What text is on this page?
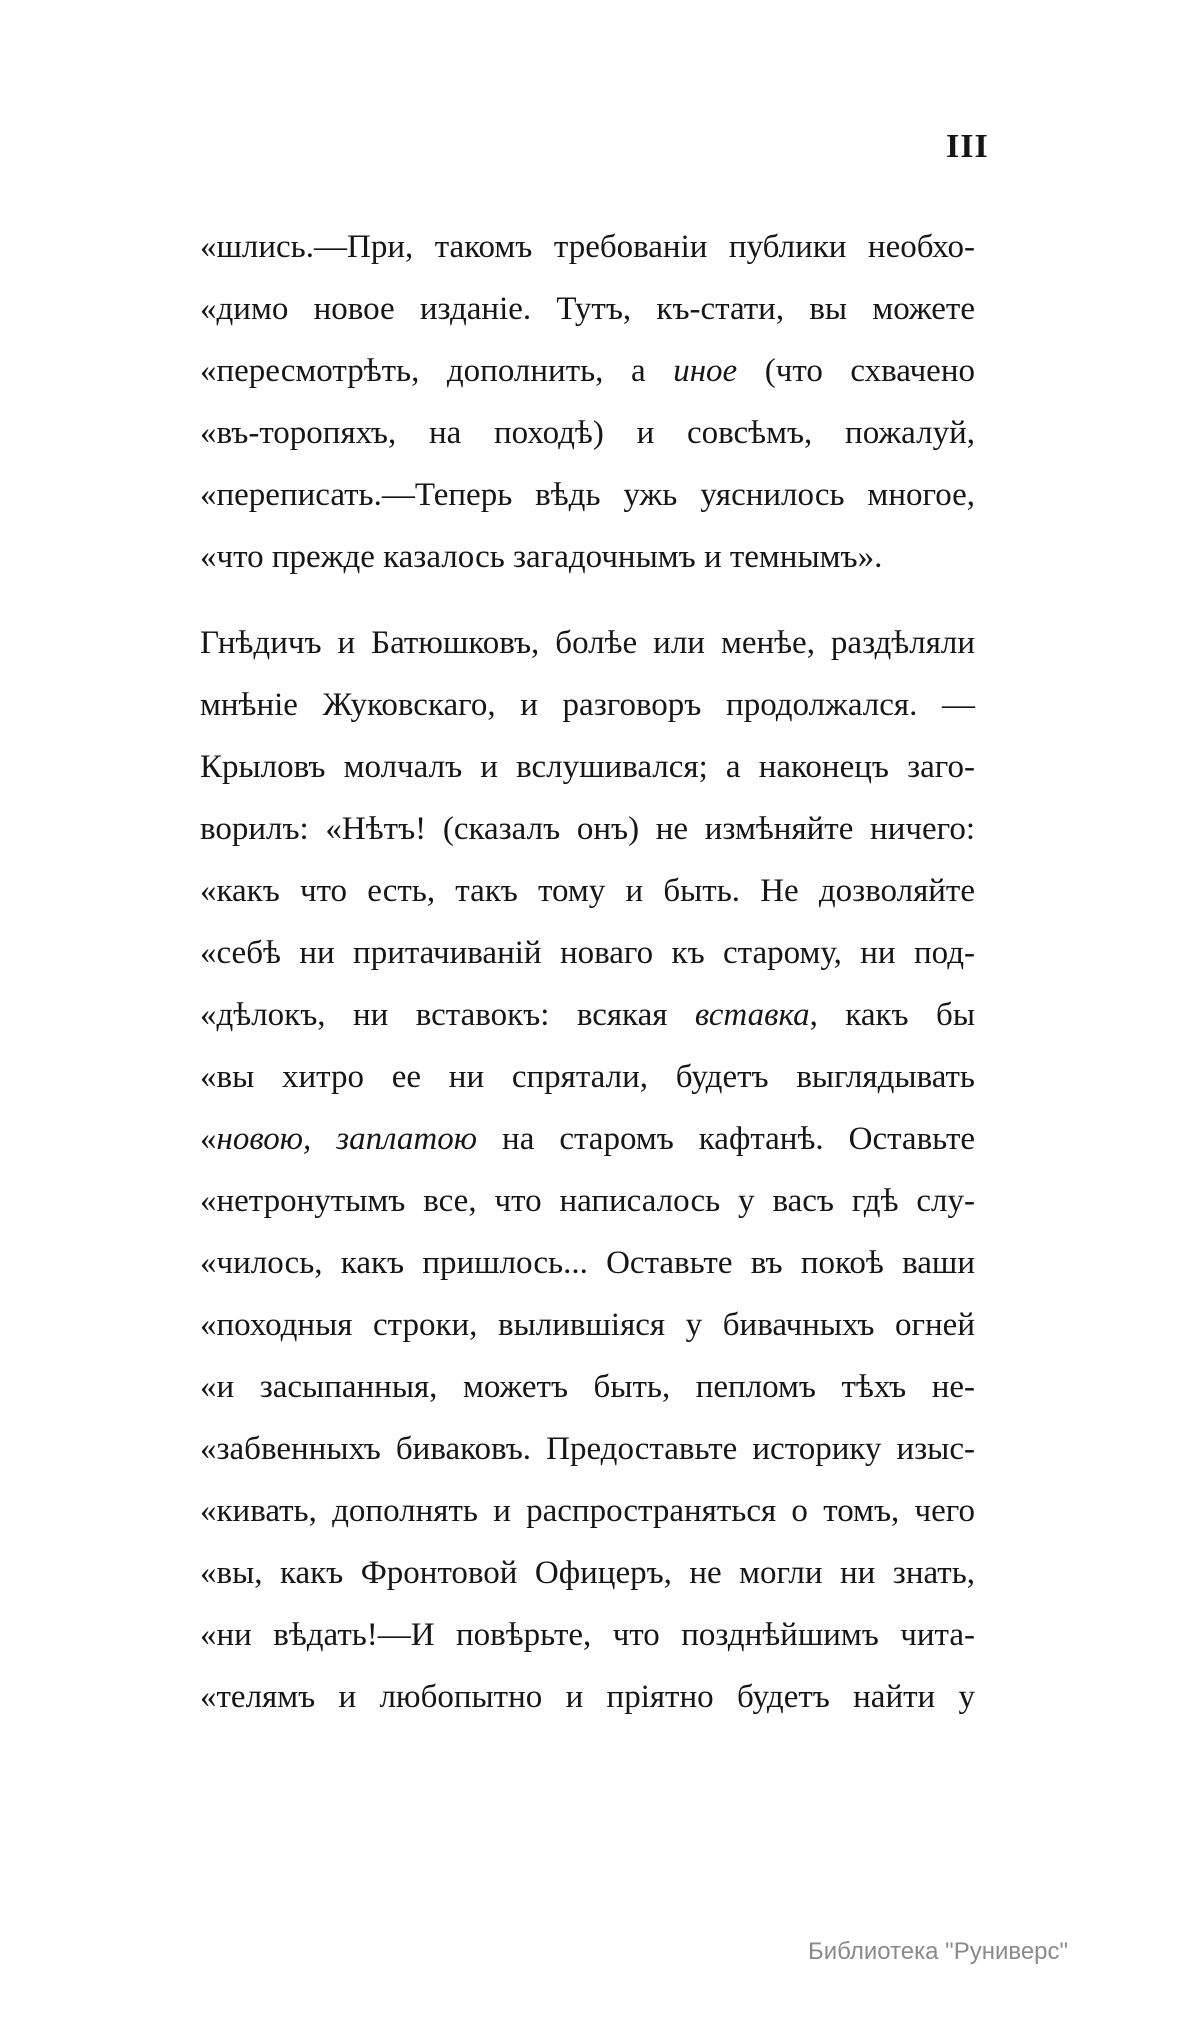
III
«шлись.—При, такомъ требованіи публики необхо-
«димо новое изданіе. Тутъ, къ-стати, вы можете
«пересмотрѣть, дополнить, а иное (что схвачено
«въ-торопяхъ, на походѣ) и совсѣмъ, пожалуй,
«переписать.—Теперь вѣдь ужь уяснилось многое,
«что прежде казалось загадочнымъ и темнымъ».
Гнѣдичъ и Батюшковъ, болѣе или менѣе, раздѣляли
мнѣніе Жуковскаго, и разговоръ продолжался. —
Крыловъ молчалъ и вслушивался; а наконецъ заго-
ворилъ: «Нѣтъ! (сказалъ онъ) не измѣняйте ничего:
«какъ что есть, такъ тому и быть. Не дозволяйте
«себѣ ни притачиваній новаго къ старому, ни под-
«дѣлокъ, ни вставокъ: всякая вставка, какъ бы
«вы хитро ее ни спрятали, будетъ выглядывать
«новою, заплатою на старомъ кафтанѣ. Оставьте
«нетронутымъ все, что написалось у васъ гдѣ слу-
«чилось, какъ пришлось... Оставьте въ покоѣ ваши
«походныя строки, вылившіяся у бивачныхъ огней
«и засыпанныя, можетъ быть, пепломъ тѣхъ не-
«забвенныхъ биваковъ. Предоставьте историку изыс-
«кивать, дополнять и распространяться о томъ, чего
«вы, какъ Фронтовой Офицеръ, не могли ни знать,
«ни вѣдать!—И повѣрьте, что позднѣйшимъ чита-
«телямъ и любопытно и пріятно будетъ найти у
Библиотека "Руниверс"
